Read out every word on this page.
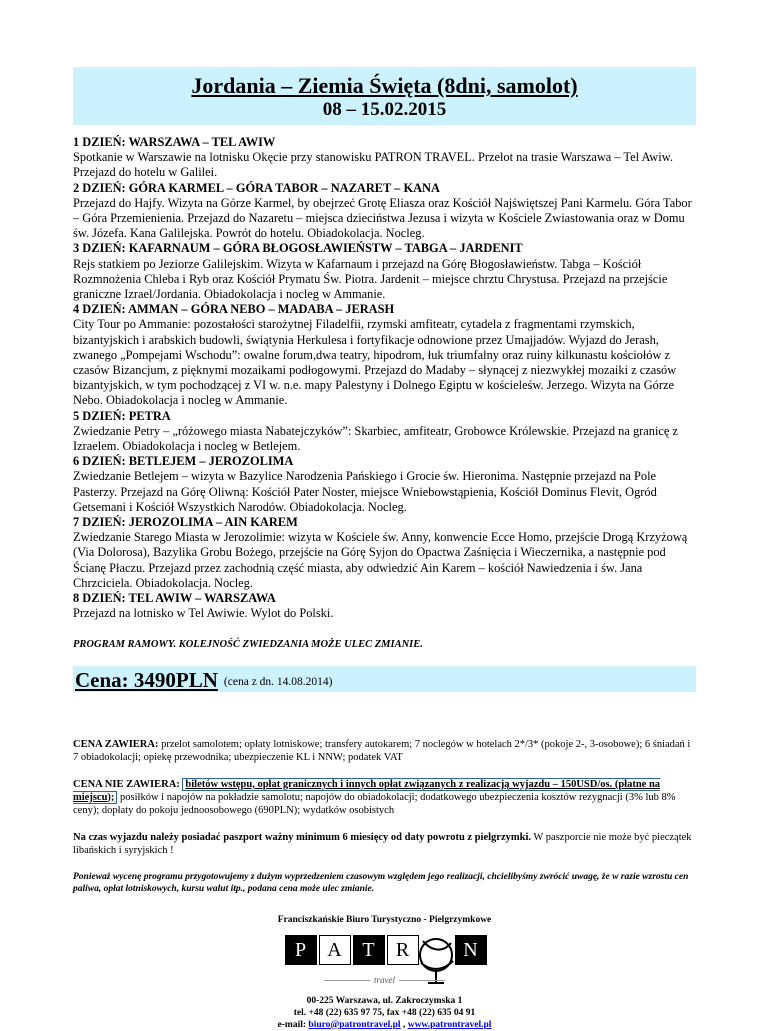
Jordania – Ziemia Święta (8dni, samolot)
08 – 15.02.2015
1 DZIEŃ: WARSZAWA – TEL AWIW
Spotkanie w Warszawie na lotnisku Okęcie przy stanowisku PATRON TRAVEL. Przelot na trasie Warszawa – Tel Awiw. Przejazd do hotelu w Galilei.
2 DZIEŃ: GÓRA KARMEL – GÓRA TABOR – NAZARET – KANA
Przejazd do Hajfy. Wizyta na Górze Karmel, by obejrzeć Grotę Eliasza oraz Kościół Najświętszej Pani Karmelu. Góra Tabor – Góra Przemienienia. Przejazd do Nazaretu – miejsca dzieciństwa Jezusa i wizyta w Kościele Zwiastowania oraz w Domu św. Józefa. Kana Galilejska. Powrót do hotelu. Obiadokolacja. Nocleg.
3 DZIEŃ: KAFARNAUM – GÓRA BŁOGOSŁAWIEŃSTW – TABGA – JARDENIT
Rejs statkiem po Jeziorze Galilejskim. Wizyta w Kafarnaum i przejazd na Górę Błogosławieństw. Tabga – Kościół Rozmnożenia Chleba i Ryb oraz Kościół Prymatu Św. Piotra. Jardenit – miejsce chrztu Chrystusa. Przejazd na przejście graniczne Izrael/Jordania. Obiadokolacja i nocleg w Ammanie.
4 DZIEŃ: AMMAN – GÓRA NEBO – MADABA – JERASH
City Tour po Ammanie: pozostałości starożytnej Filadelfii, rzymski amfiteatr, cytadela z fragmentami rzymskich, bizantyjskich i arabskich budowli, świątynia Herkulesa i fortyfikacje odnowione przez Umajjadów. Wyjazd do Jerash, zwanego „Pompejami Wschodu”: owalne forum,dwa teatry, hipodrom, łuk triumfalny oraz ruiny kilkunastu kościołów z czasów Bizancjum, z pięknymi mozaikami podłogowymi. Przejazd do Madaby – słynącej z niezwykłej mozaiki z czasów bizantyjskich, w tym pochodzącej z VI w. n.e. mapy Palestyny i Dolnego Egiptu w kościeleśw. Jerzego. Wizyta na Górze Nebo. Obiadokolacja i nocleg w Ammanie.
5 DZIEŃ: PETRA
Zwiedzanie Petry – „różowego miasta Nabatejczyków”: Skarbiec, amfiteatr, Grobowce Królewskie. Przejazd na granicę z Izraelem. Obiadokolacja i nocleg w Betlejem.
6 DZIEŃ: BETLEJEM – JEROZOLIMA
Zwiedzanie Betlejem – wizyta w Bazylice Narodzenia Pańskiego i Grocie św. Hieronima. Następnie przejazd na Pole Pasterzy. Przejazd na Górę Oliwną: Kościół Pater Noster, miejsce Wniebowstąpienia, Kościół Dominus Flevit, Ogród Getsemani i Kościół Wszystkich Narodów. Obiadokolacja. Nocleg.
7 DZIEŃ: JEROZOLIMA – AIN KAREM
Zwiedzanie Starego Miasta w Jerozolimie: wizyta w Kościele św. Anny, konwencie Ecce Homo, przejście Drogą Krzyżową (Via Dolorosa), Bazylika Grobu Bożego, przejście na Górę Syjon do Opactwa Zaśnięcia i Wieczernika, a następnie pod Ścianę Płaczu. Przejazd przez zachodnią część miasta, aby odwiedzić Ain Karem – kościół Nawiedzenia i św. Jana Chrzciciela. Obiadokolacja. Nocleg.
8 DZIEŃ: TEL AWIW – WARSZAWA
Przejazd na lotnisko w Tel Awiwie. Wylot do Polski.
PROGRAM RAMOWY. KOLEJNOŚĆ ZWIEDZANIA MOŻE ULEC ZMIANIE.
Cena: 3490PLN (cena z dn. 14.08.2014)
CENA ZAWIERA: przelot samolotem; opłaty lotniskowe; transfery autokarem; 7 noclegów w hotelach 2*/3* (pokoje 2-, 3-osobowe); 6 śniadań i 7 obiadokolacji; opiekę przewodnika; ubezpieczenie KL i NNW; podatek VAT
CENA NIE ZAWIERA: biletów wstępu, opłat granicznych i innych opłat związanych z realizacją wyjazdu – 150USD/os. (płatne na miejscu); posiłków i napojów na pokładzie samolotu; napojów do obiadokolacji; dodatkowego ubezpieczenia kosztów rezygnacji (3% lub 8% ceny); dopłaty do pokoju jednoosobowego (690PLN); wydatków osobistych
Na czas wyjazdu należy posiadać paszport ważny minimum 6 miesięcy od daty powrotu z pielgrzymki. W paszporcie nie może być pieczątek libańskich i syryjskich !
Ponieważ wycenę programu przygotowujemy z dużym wyprzedzeniem czasowym względem jego realizacji, chcielibyśmy zwrócić uwagę, że w razie wzrostu cen paliwa, opłat lotniskowych, kursu walut itp., podana cena może ulec zmianie.
Franciszkańskie Biuro Turystyczno - Pielgrzymkowe
P	A	T	R	N
travel
00-225 Warszawa, ul. Zakroczymska 1
tel. +48 (22) 635 97 75, fax +48 (22) 635 04 91
e-mail: biuro@patrontravel.pl , www.patrontravel.pl
